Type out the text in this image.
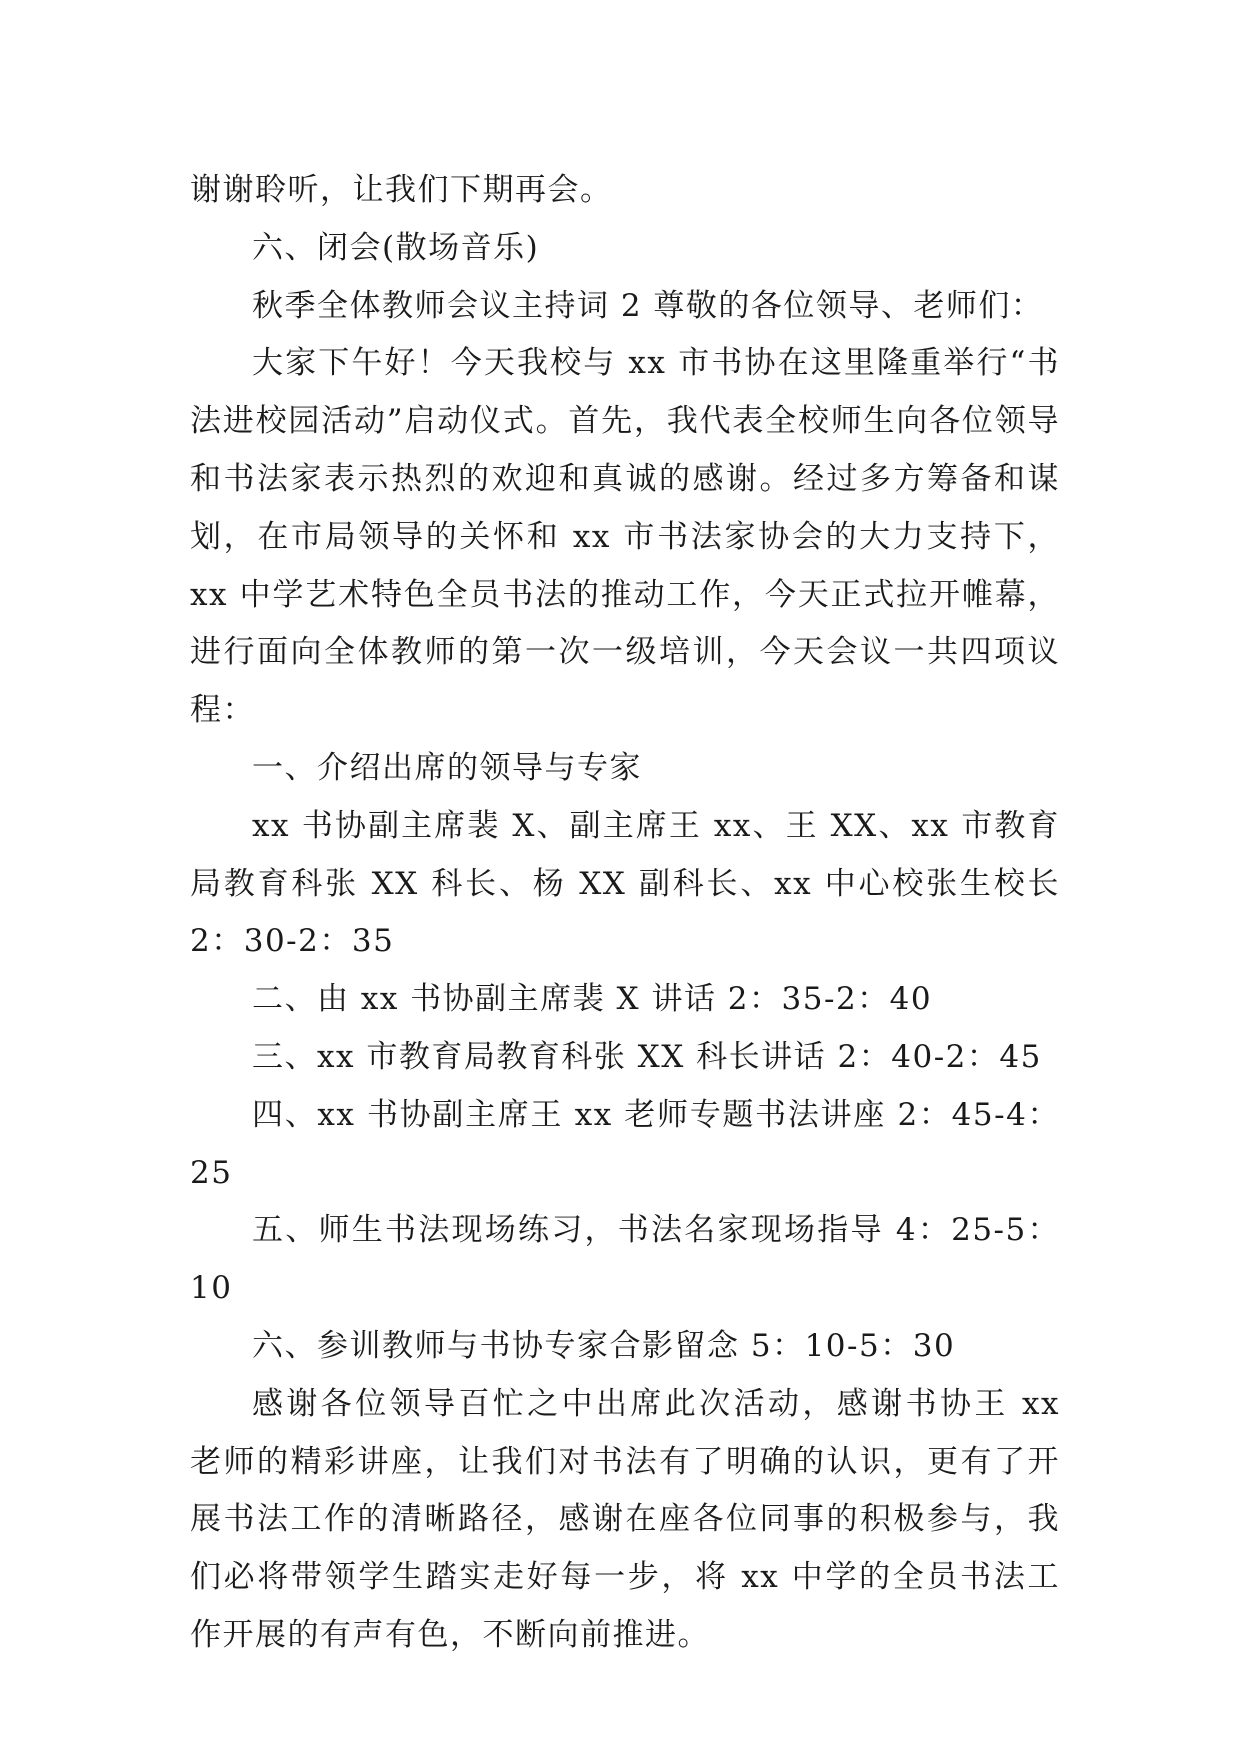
谢谢聆听，让我们下期再会。

六、闭会(散场音乐)

秋季全体教师会议主持词 2 尊敬的各位领导、老师们：

大家下午好！今天我校与 xx 市书协在这里隆重举行“书法进校园活动”启动仪式。首先，我代表全校师生向各位领导和书法家表示热烈的欢迎和真诚的感谢。经过多方筹备和谋划，在市局领导的关怀和 xx 市书法家协会的大力支持下，xx 中学艺术特色全员书法的推动工作，今天正式拉开帷幕，进行面向全体教师的第一次一级培训，今天会议一共四项议程：

一、介绍出席的领导与专家

xx 书协副主席裴 X、副主席王 xx、王 XX、xx 市教育局教育科张 XX 科长、杨 XX 副科长、xx 中心校张生校长 2：30-2：35

二、由 xx 书协副主席裴 X 讲话 2：35-2：40

三、xx 市教育局教育科张 XX 科长讲话 2：40-2：45

四、xx 书协副主席王 xx 老师专题书法讲座 2：45-4：25

五、师生书法现场练习，书法名家现场指导 4：25-5：10

六、参训教师与书协专家合影留念 5：10-5：30

感谢各位领导百忙之中出席此次活动，感谢书协王 xx 老师的精彩讲座，让我们对书法有了明确的认识，更有了开展书法工作的清晰路径，感谢在座各位同事的积极参与，我们必将带领学生踏实走好每一步，将 xx 中学的全员书法工作开展的有声有色，不断向前推进。
